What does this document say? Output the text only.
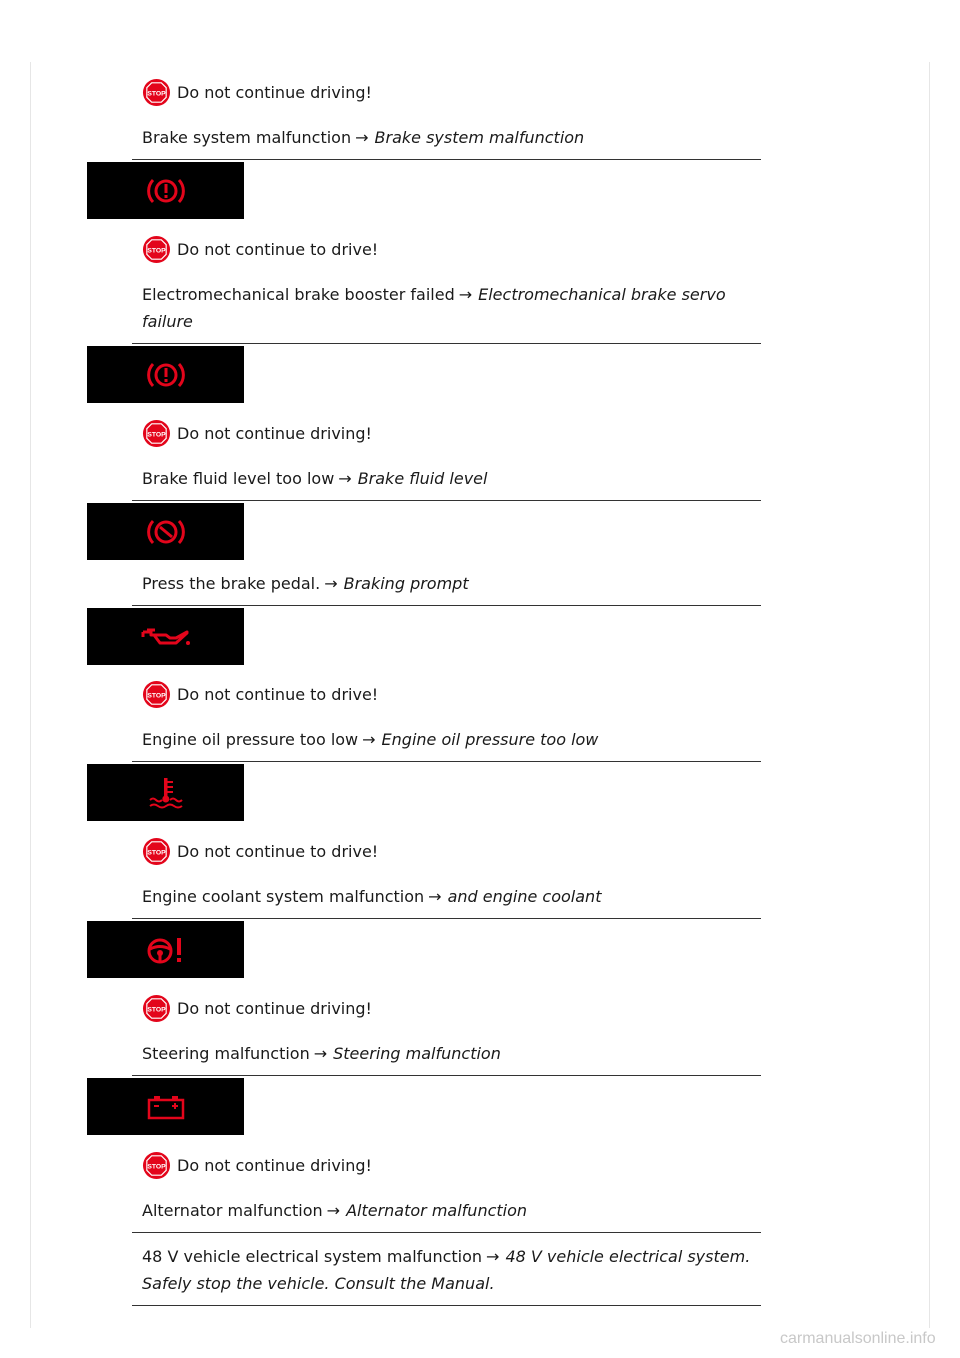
STOP Do not continue driving!
Brake system malfunction → Brake system malfunction
STOP Do not continue to drive!
Electromechanical brake booster failed → Electromechanical brake servo failure
STOP Do not continue driving!
Brake fluid level too low → Brake fluid level
Press the brake pedal. → Braking prompt
STOP Do not continue to drive!
Engine oil pressure too low → Engine oil pressure too low
STOP Do not continue to drive!
Engine coolant system malfunction → and engine coolant
STOP Do not continue driving!
Steering malfunction → Steering malfunction
STOP Do not continue driving!
Alternator malfunction → Alternator malfunction
48 V vehicle electrical system malfunction → 48 V vehicle electrical system. Safely stop the vehicle. Consult the Manual.
carmanualsonline.info
